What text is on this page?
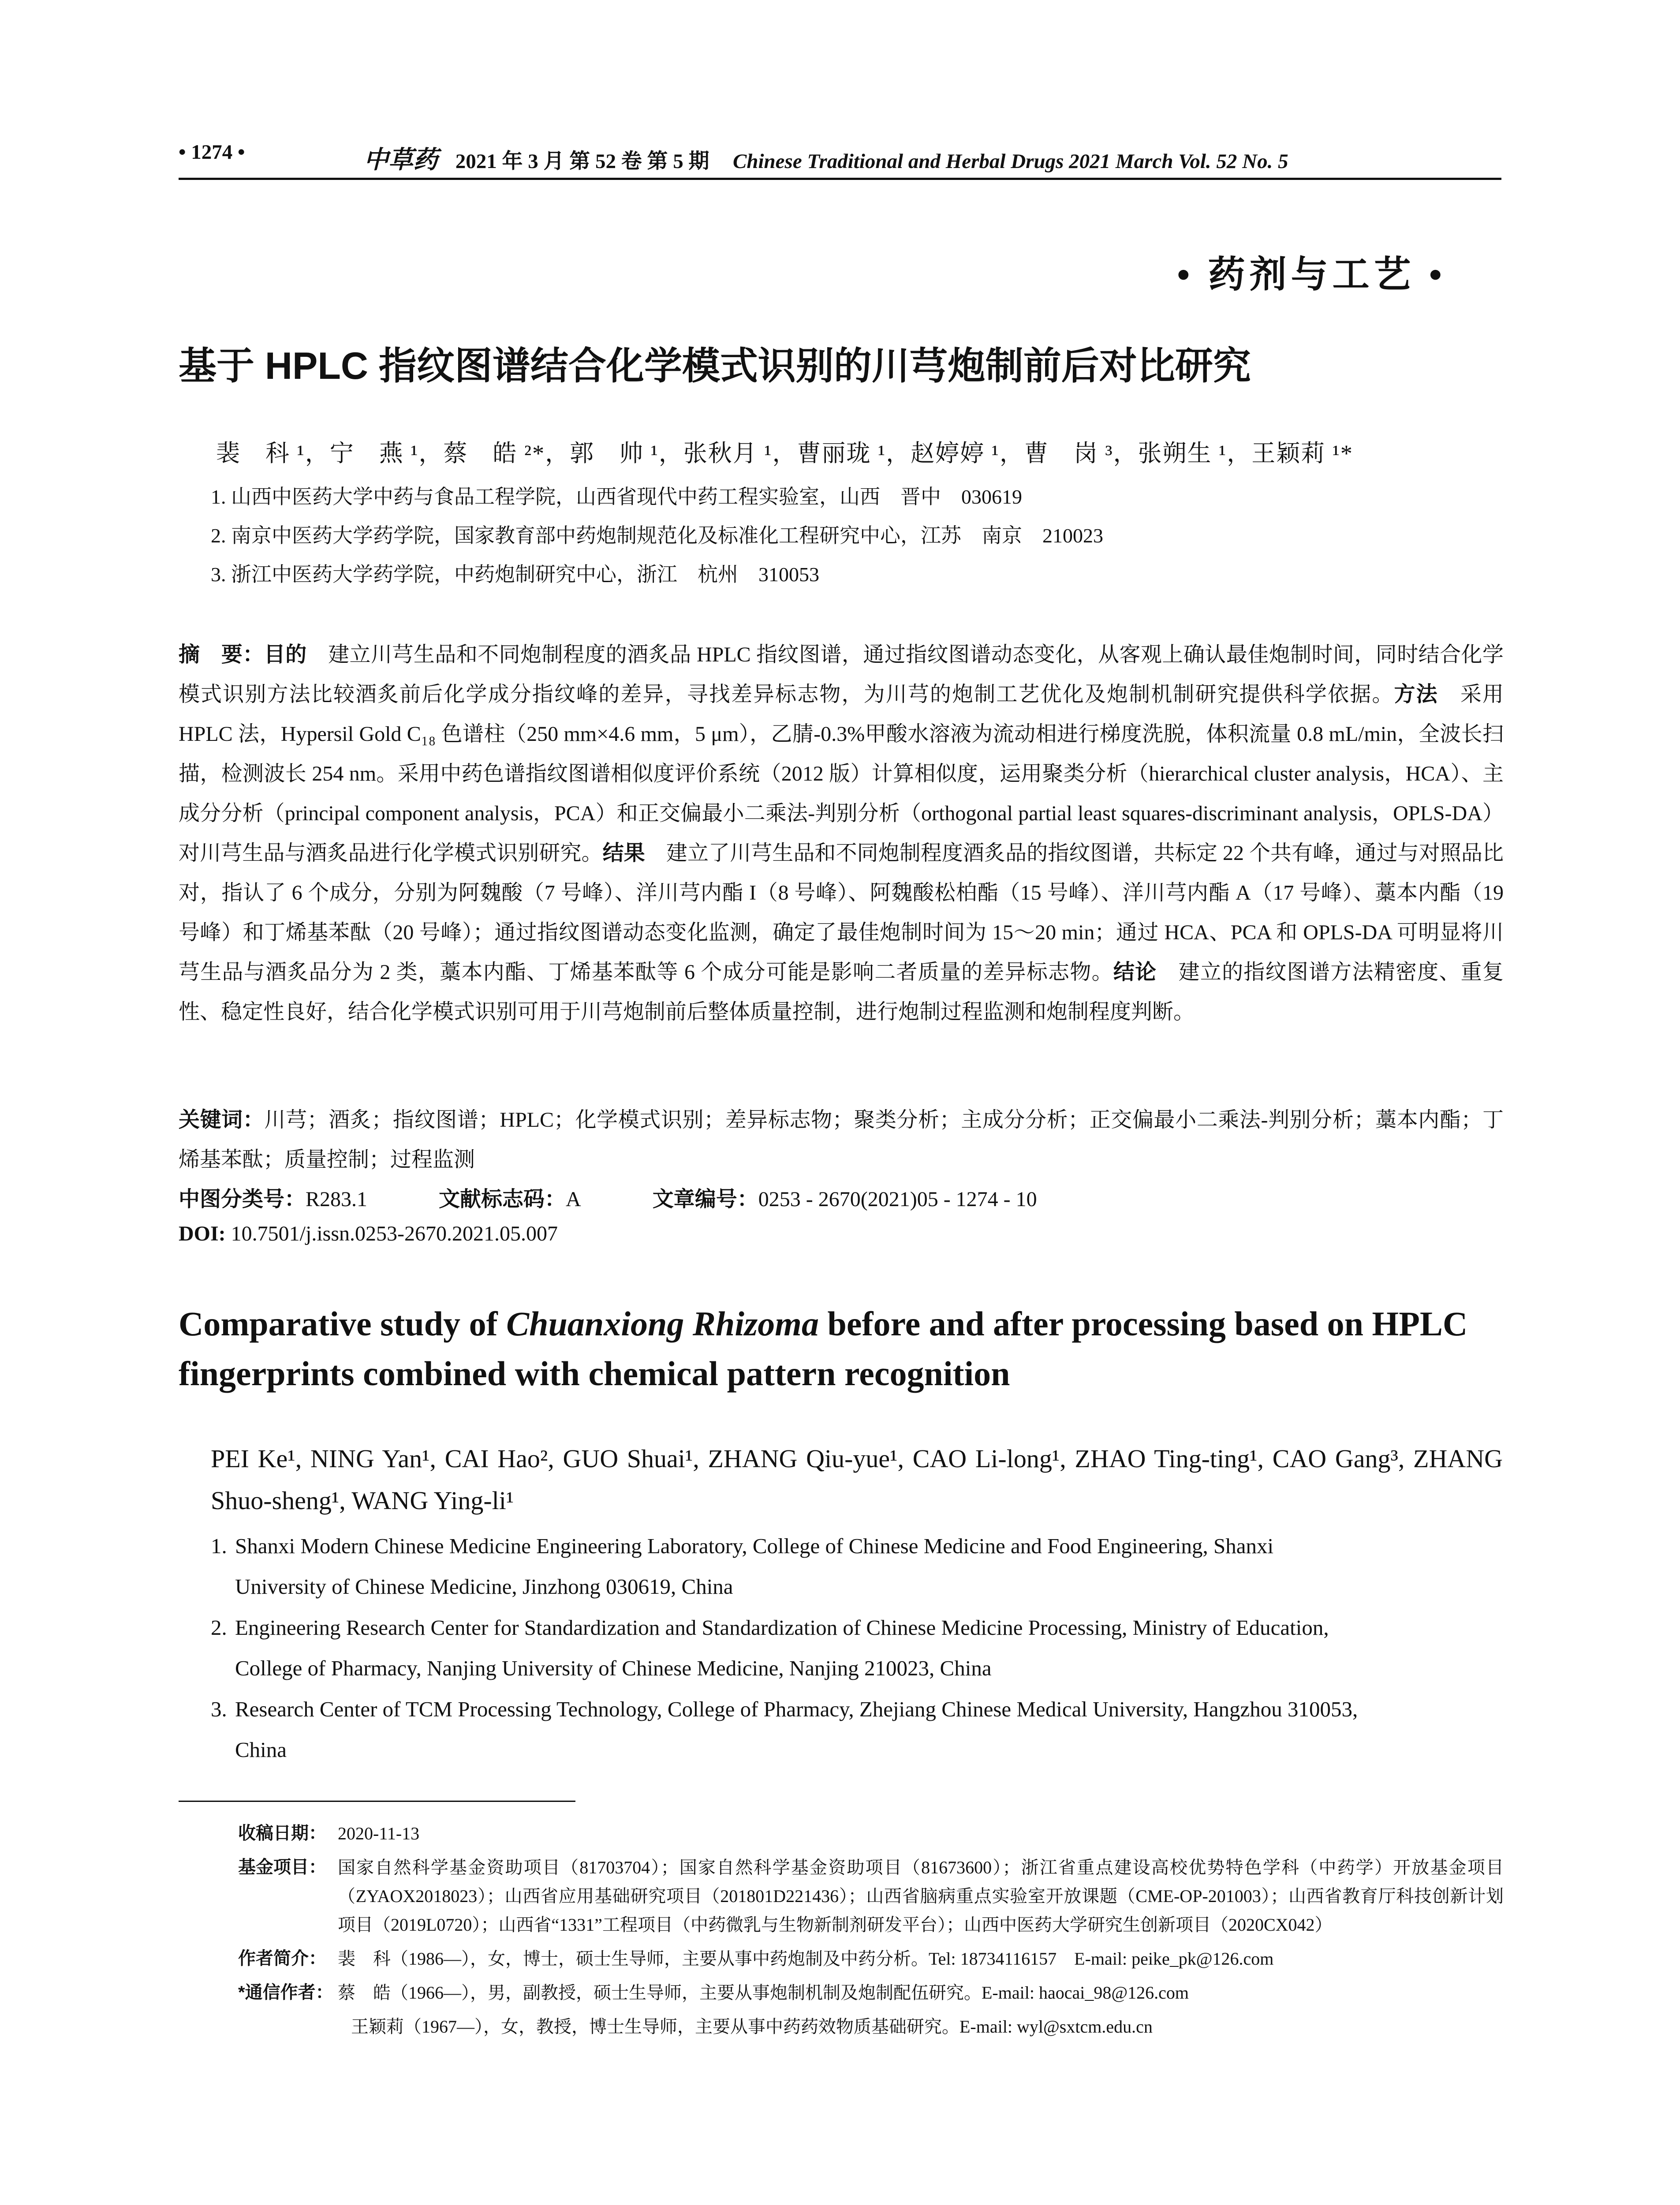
• 1274 •	中草药 2021 年 3 月 第 52 卷 第 5 期 Chinese Traditional and Herbal Drugs 2021 March Vol. 52 No. 5
• 药剂与工艺 •
基于 HPLC 指纹图谱结合化学模式识别的川芎炮制前后对比研究
裴　科 ¹，宁　燕 ¹，蔡　皓 ²*，郭　帅 ¹，张秋月 ¹，曹丽珑 ¹，赵婷婷 ¹，曹　岗 ³，张朔生 ¹，王颖莉 ¹*
1. 山西中医药大学中药与食品工程学院，山西省现代中药工程实验室，山西　晋中　030619
2. 南京中医药大学药学院，国家教育部中药炮制规范化及标准化工程研究中心，江苏　南京　210023
3. 浙江中医药大学药学院，中药炮制研究中心，浙江　杭州　310053
摘　要：目的　建立川芎生品和不同炮制程度的酒炙品 HPLC 指纹图谱，通过指纹图谱动态变化，从客观上确认最佳炮制时间，同时结合化学模式识别方法比较酒炙前后化学成分指纹峰的差异，寻找差异标志物，为川芎的炮制工艺优化及炮制机制研究提供科学依据。方法　采用 HPLC 法，Hypersil Gold C₁₈ 色谱柱（250 mm×4.6 mm，5 μm），乙腈-0.3%甲酸水溶液为流动相进行梯度洗脱，体积流量 0.8 mL/min，全波长扫描，检测波长 254 nm。采用中药色谱指纹图谱相似度评价系统（2012 版）计算相似度，运用聚类分析（hierarchical cluster analysis，HCA）、主成分分析（principal component analysis，PCA）和正交偏最小二乘法-判别分析（orthogonal partial least squares-discriminant analysis，OPLS-DA）对川芎生品与酒炙品进行化学模式识别研究。结果　建立了川芎生品和不同炮制程度酒炙品的指纹图谱，共标定 22 个共有峰，通过与对照品比对，指认了 6 个成分，分别为阿魏酸（7 号峰）、洋川芎内酯 I（8 号峰）、阿魏酸松柏酯（15 号峰）、洋川芎内酯 A（17 号峰）、藁本内酯（19 号峰）和丁烯基苯酞（20 号峰）；通过指纹图谱动态变化监测，确定了最佳炮制时间为 15～20 min；通过 HCA、PCA 和 OPLS-DA 可明显将川芎生品与酒炙品分为 2 类，藁本内酯、丁烯基苯酞等 6 个成分可能是影响二者质量的差异标志物。结论　建立的指纹图谱方法精密度、重复性、稳定性良好，结合化学模式识别可用于川芎炮制前后整体质量控制，进行炮制过程监测和炮制程度判断。
关键词：川芎；酒炙；指纹图谱；HPLC；化学模式识别；差异标志物；聚类分析；主成分分析；正交偏最小二乘法-判别分析；藁本内酯；丁烯基苯酞；质量控制；过程监测
中图分类号：R283.1	文献标志码：A	文章编号：0253 - 2670(2021)05 - 1274 - 10
DOI: 10.7501/j.issn.0253-2670.2021.05.007
Comparative study of Chuanxiong Rhizoma before and after processing based on HPLC fingerprints combined with chemical pattern recognition
PEI Ke¹, NING Yan¹, CAI Hao², GUO Shuai¹, ZHANG Qiu-yue¹, CAO Li-long¹, ZHAO Ting-ting¹, CAO Gang³, ZHANG Shuo-sheng¹, WANG Ying-li¹
1. Shanxi Modern Chinese Medicine Engineering Laboratory, College of Chinese Medicine and Food Engineering, Shanxi
University of Chinese Medicine, Jinzhong 030619, China
2. Engineering Research Center for Standardization and Standardization of Chinese Medicine Processing, Ministry of Education,
College of Pharmacy, Nanjing University of Chinese Medicine, Nanjing 210023, China
3. Research Center of TCM Processing Technology, College of Pharmacy, Zhejiang Chinese Medical University, Hangzhou 310053,
China
收稿日期： 2020-11-13
基金项目： 国家自然科学基金资助项目（81703704）；国家自然科学基金资助项目（81673600）；浙江省重点建设高校优势特色学科（中药学）开放基金项目（ZYAOX2018023）；山西省应用基础研究项目（201801D221436）；山西省脑病重点实验室开放课题（CME-OP-201003）；山西省教育厅科技创新计划项目（2019L0720）；山西省“1331”工程项目（中药微乳与生物新制剂研发平台）；山西中医药大学研究生创新项目（2020CX042）
作者简介： 裴　科（1986—），女，博士，硕士生导师，主要从事中药炮制及中药分析。Tel: 18734116157　E-mail: peike_pk@126.com
*通信作者： 蔡　皓（1966—），男，副教授，硕士生导师，主要从事炮制机制及炮制配伍研究。E-mail: haocai_98@126.com
王颖莉（1967—），女，教授，博士生导师，主要从事中药药效物质基础研究。E-mail: wyl@sxtcm.edu.cn
